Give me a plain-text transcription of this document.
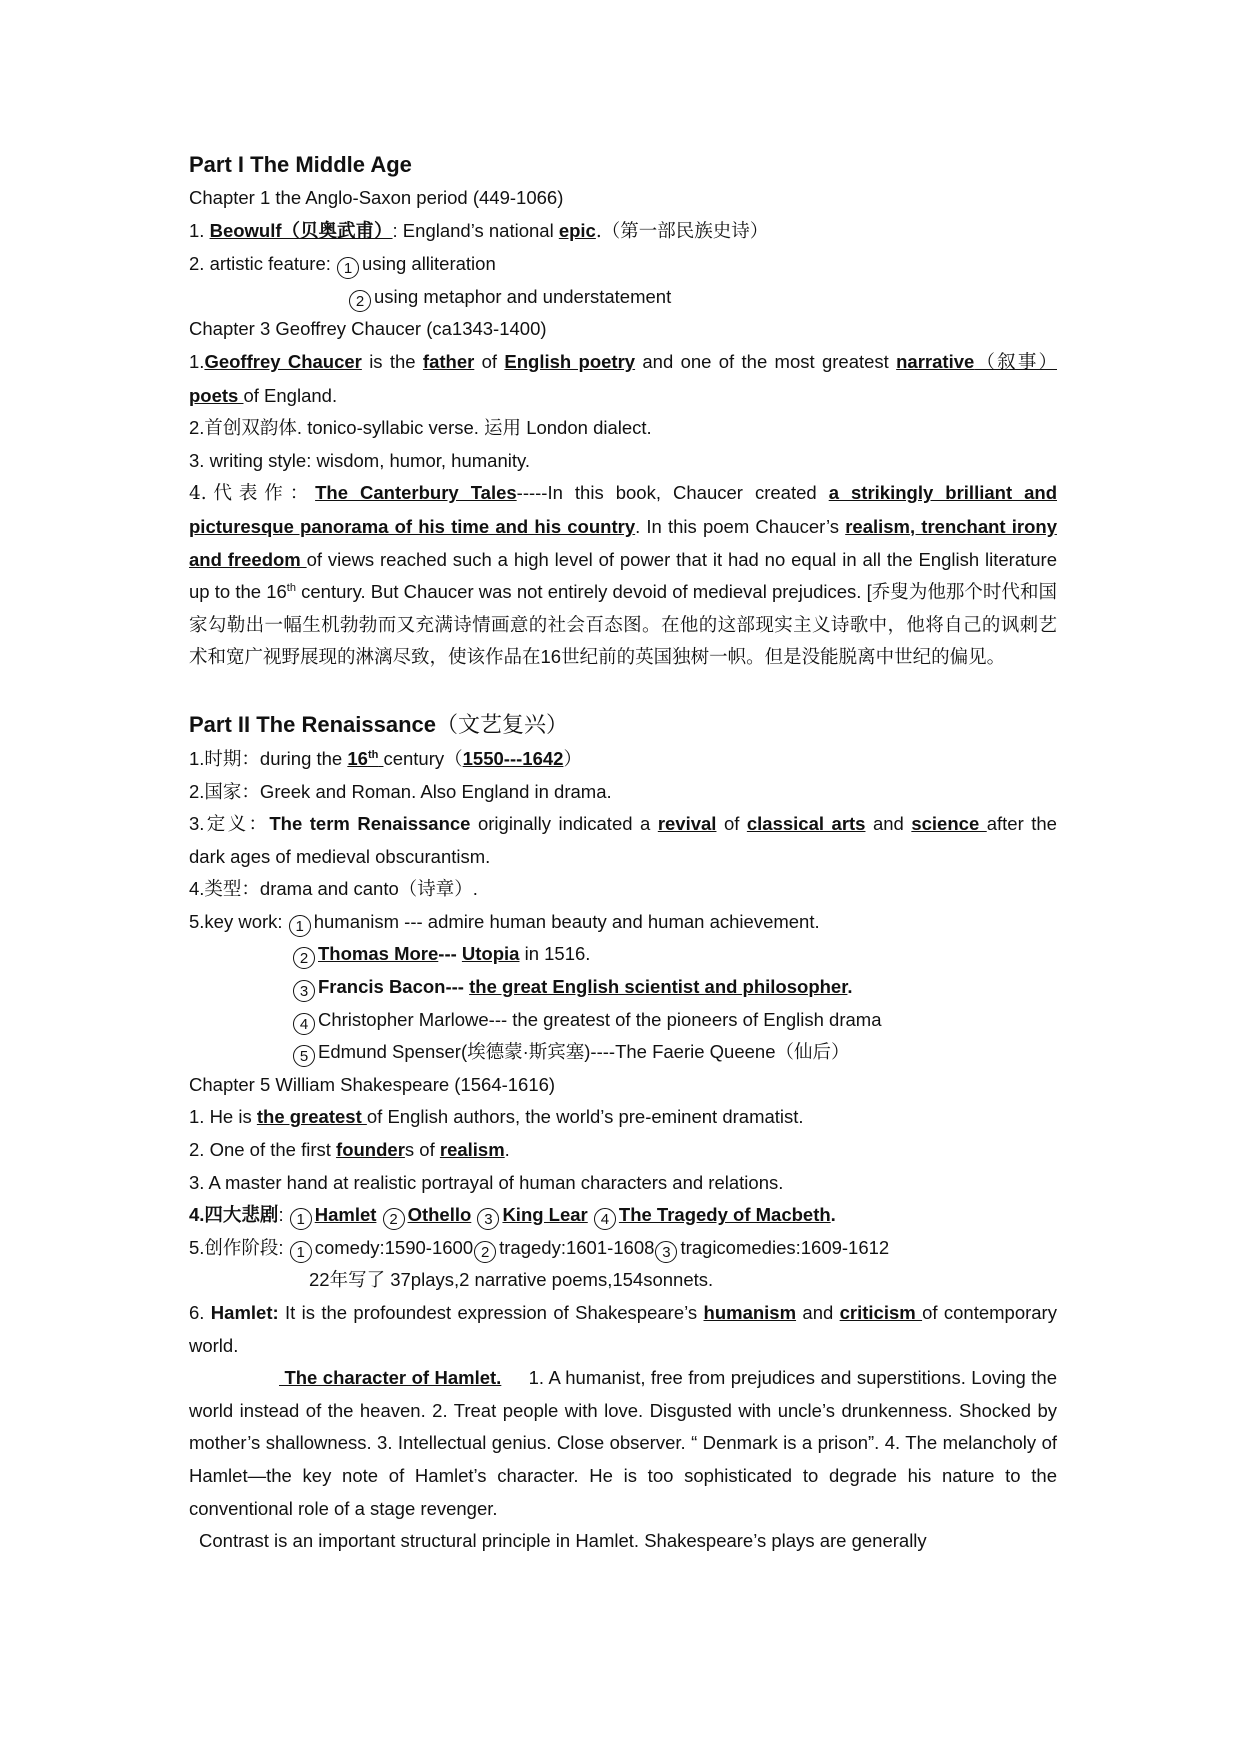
Part I The Middle Age
Chapter 1 the Anglo-Saxon period (449-1066)
1. Beowulf（贝奥武甫）: England’s national epic.（第一部民族史诗）
2. artistic feature: 1 using alliteration
2 using metaphor and understatement
Chapter 3 Geoffrey Chaucer (ca1343-1400)
1.Geoffrey Chaucer is the father of English poetry and one of the most greatest narrative（叙事） poets of England.
2.首创双韵体. tonico-syllabic verse. 运用 London dialect.
3. writing style: wisdom, humor, humanity.
4.代表作：The Canterbury Tales-----In this book, Chaucer created a strikingly brilliant and picturesque panorama of his time and his country. In this poem Chaucer’s realism, trenchant irony and freedom of views reached such a high level of power that it had no equal in all the English literature up to the 16th century. But Chaucer was not entirely devoid of medieval prejudices. [乔叟为他那个时代和国家勾勒出一幅生机勃勃而又充满诗情画意的社会百态图。在他的这部现实主义诗歌中，他将自己的讽刺艺术和宽广视野展现的淋漓尽致，使该作品在16世纪前的英国独树一帜。但是没能脱离中世纪的偏见。
Part II The Renaissance（文艺复兴）
1.时期：during the 16th century（1550---1642）
2.国家：Greek and Roman. Also England in drama.
3.定义：The term Renaissance originally indicated a revival of classical arts and science after the dark ages of medieval obscurantism.
4.类型：drama and canto（诗章）.
5.key work: 1 humanism --- admire human beauty and human achievement.
2 Thomas More--- Utopia in 1516.
3 Francis Bacon--- the great English scientist and philosopher.
4 Christopher Marlowe--- the greatest of the pioneers of English drama
5 Edmund Spenser(埃德蒙·斯宾塞)----The Faerie Queene（仙后）
Chapter 5 William Shakespeare (1564-1616)
1. He is the greatest of English authors, the world’s pre-eminent dramatist.
2. One of the first founders of realism.
3. A master hand at realistic portrayal of human characters and relations.
4.四大悲剧: 1 Hamlet 2 Othello 3 King Lear 4 The Tragedy of Macbeth.
5.创作阶段: 1 comedy:1590-1600 2 tragedy:1601-1608 3 tragicomedies:1609-1612
22年写了 37plays,2 narrative poems,154sonnets.
6. Hamlet: It is the profoundest expression of Shakespeare’s humanism and criticism of contemporary world.
The character of Hamlet. 1. A humanist, free from prejudices and superstitions. Loving the world instead of the heaven. 2. Treat people with love. Disgusted with uncle’s drunkenness. Shocked by mother’s shallowness. 3. Intellectual genius. Close observer. “ Denmark is a prison”. 4. The melancholy of Hamlet—the key note of Hamlet’s character. He is too sophisticated to degrade his nature to the conventional role of a stage revenger.
Contrast is an important structural principle in Hamlet. Shakespeare’s plays are generally
